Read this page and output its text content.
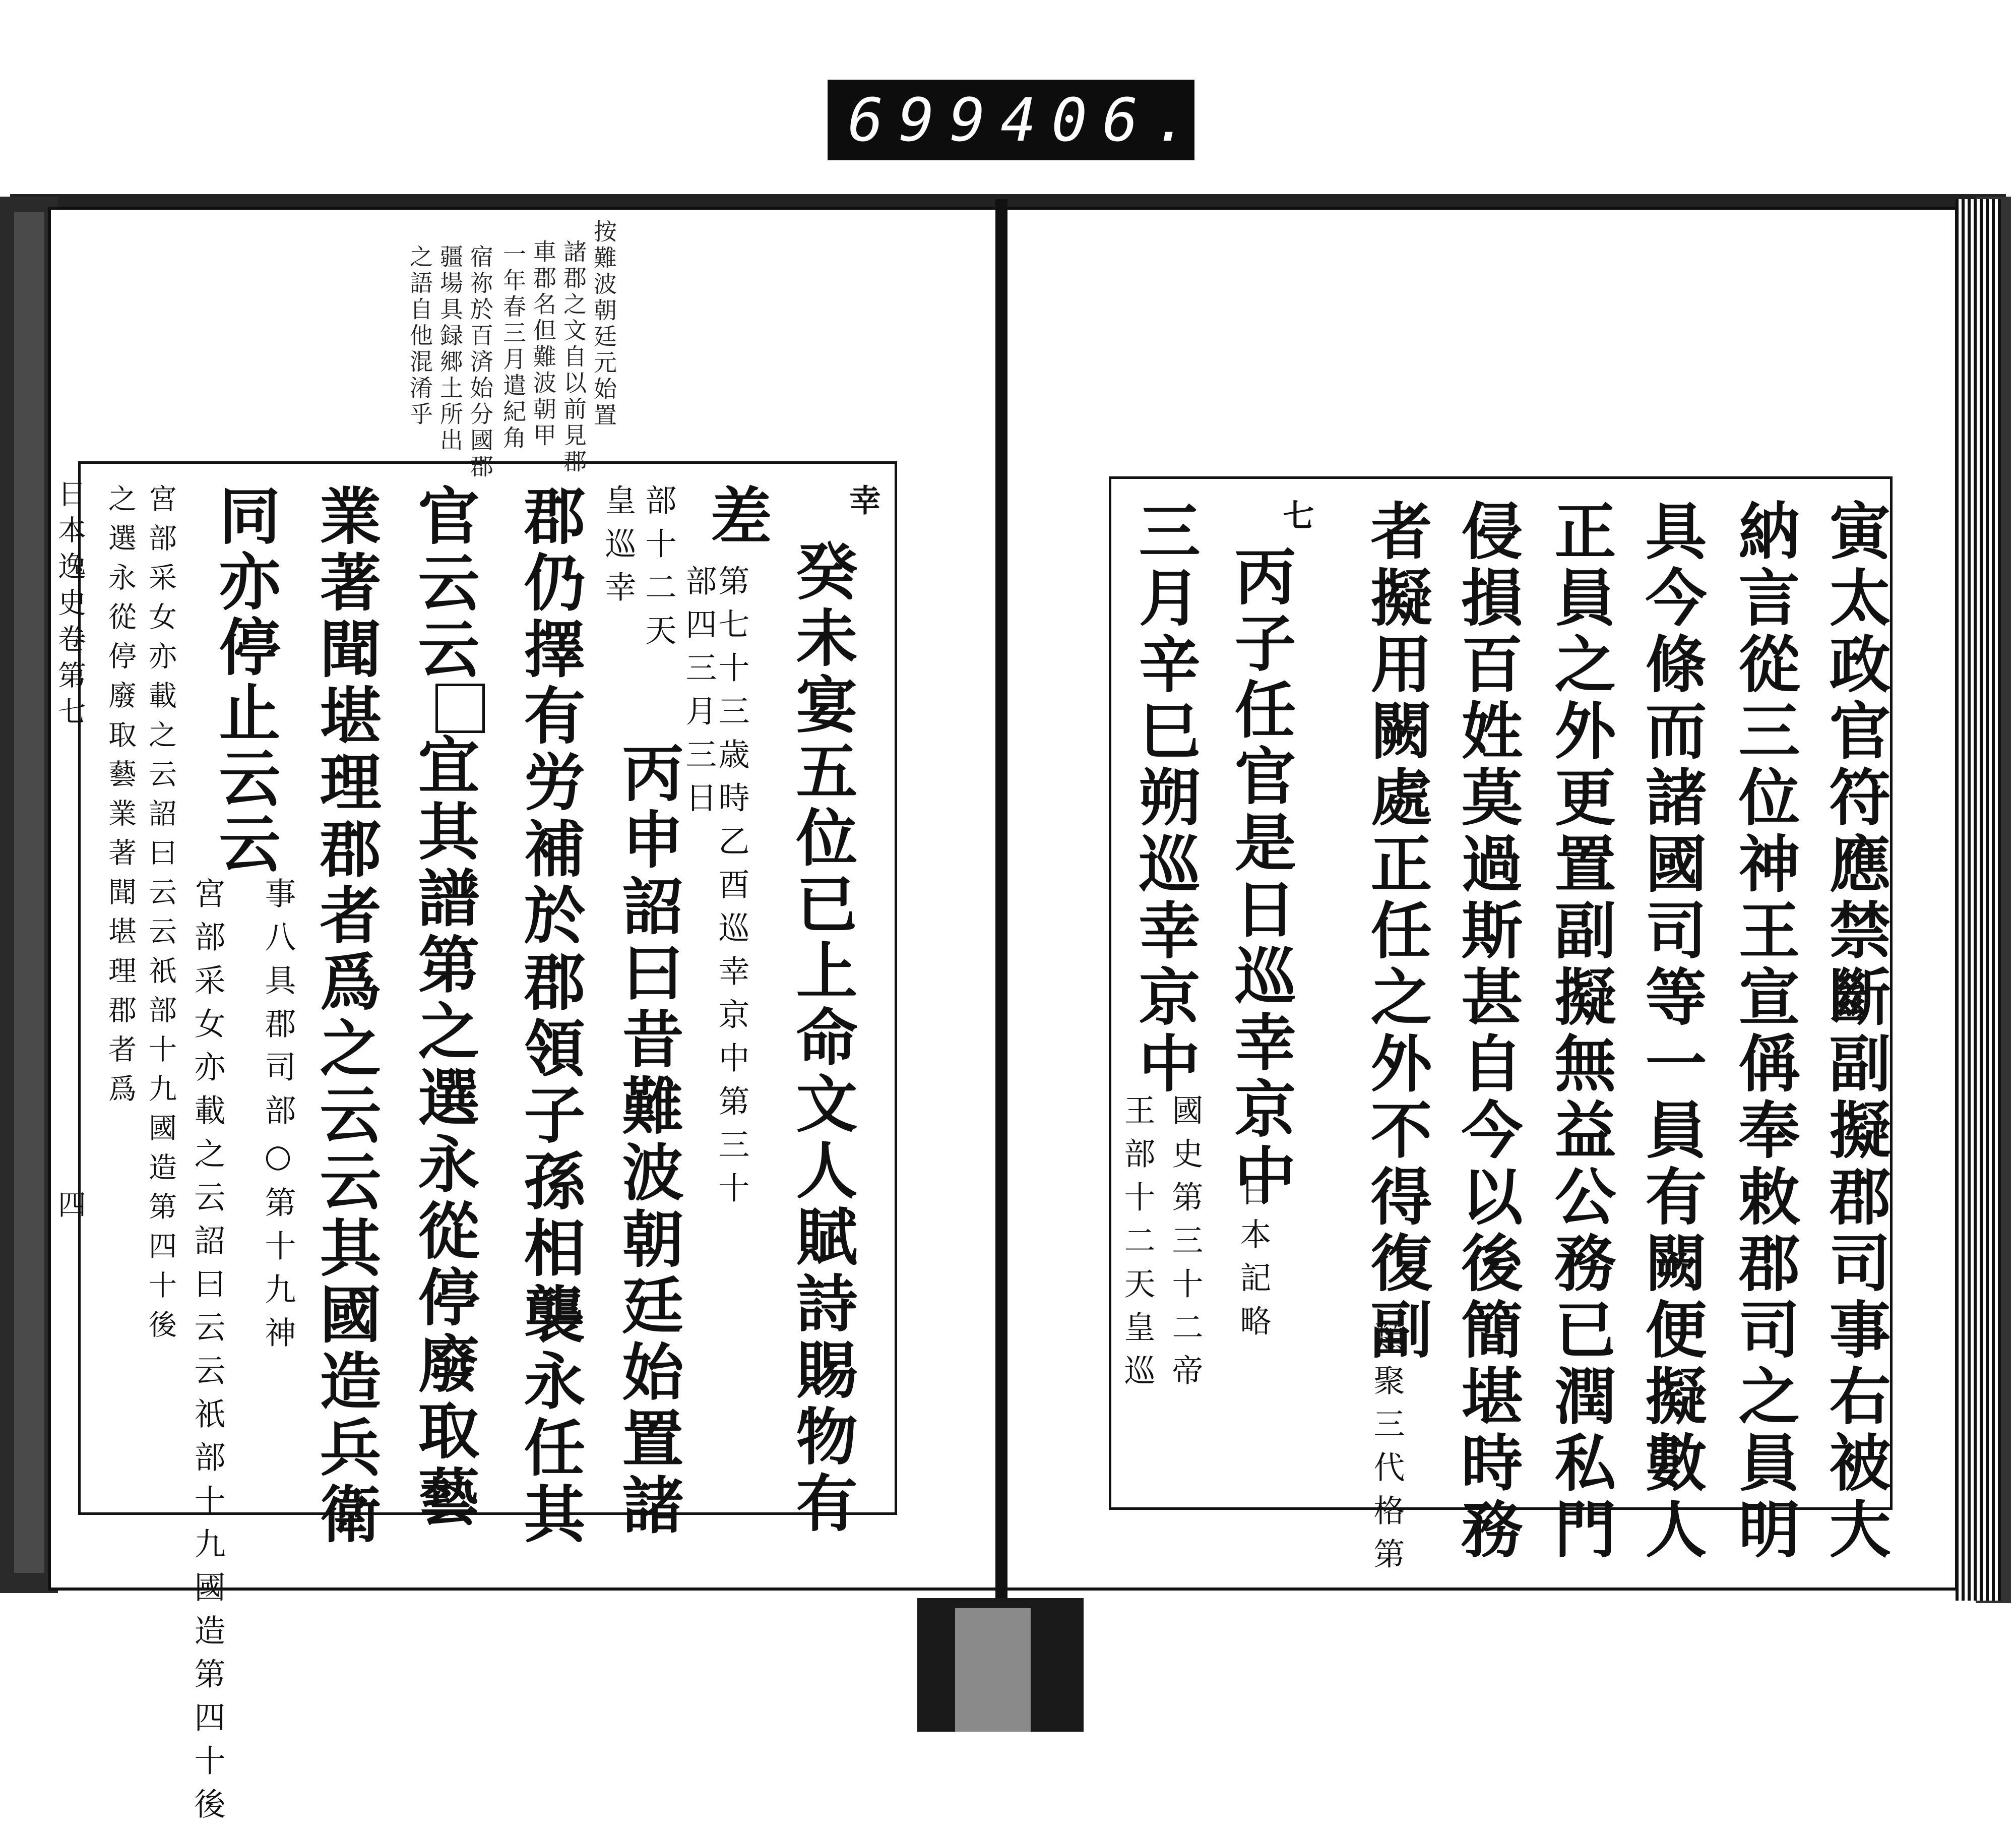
699 406.
按難波朝廷元始置
諸郡之文自以前見郡
車郡名但難波朝甲
一年春三月遣紀角
宿祢於百済始分國郡
疆場具録郷土所出
之語自他混淆乎
幸
癸未宴五位已上命文人賦詩賜物有
差
第七十三歳時乙酉巡幸京中第三十
部四三月三日
部十二天
丙申詔曰昔難波朝廷始置諸
皇巡幸
郡仍擇有労補於郡領子孫相襲永任其
官云云宜其譜第之選永從停廢取藝
業著聞堪理郡者爲之云云其國造兵衛
同亦停止云云
事八具郡司部○第十九神
宮部采女亦載之云詔曰云云祇部十九國造第四十後
宮部采女亦載之云詔曰云云祇部十九國造第四十後
之選永從停廢取藝業著聞堪理郡者爲
日本逸史卷第七
四	寅太政官符應禁斷副擬郡司事右被大
納言從三位神王宣偁奉敕郡司之員明
具今條而諸國司等一員有闕便擬數人
正員之外更置副擬無益公務已潤私門
侵損百姓莫過斯甚自今以後簡堪時務
者擬用闕處正任之外不得復副
類聚三代格第
七
丙子任官是日巡幸京中
日本記略
三月辛巳朔巡幸京中
國史第三十二帝
王部十二天皇巡
